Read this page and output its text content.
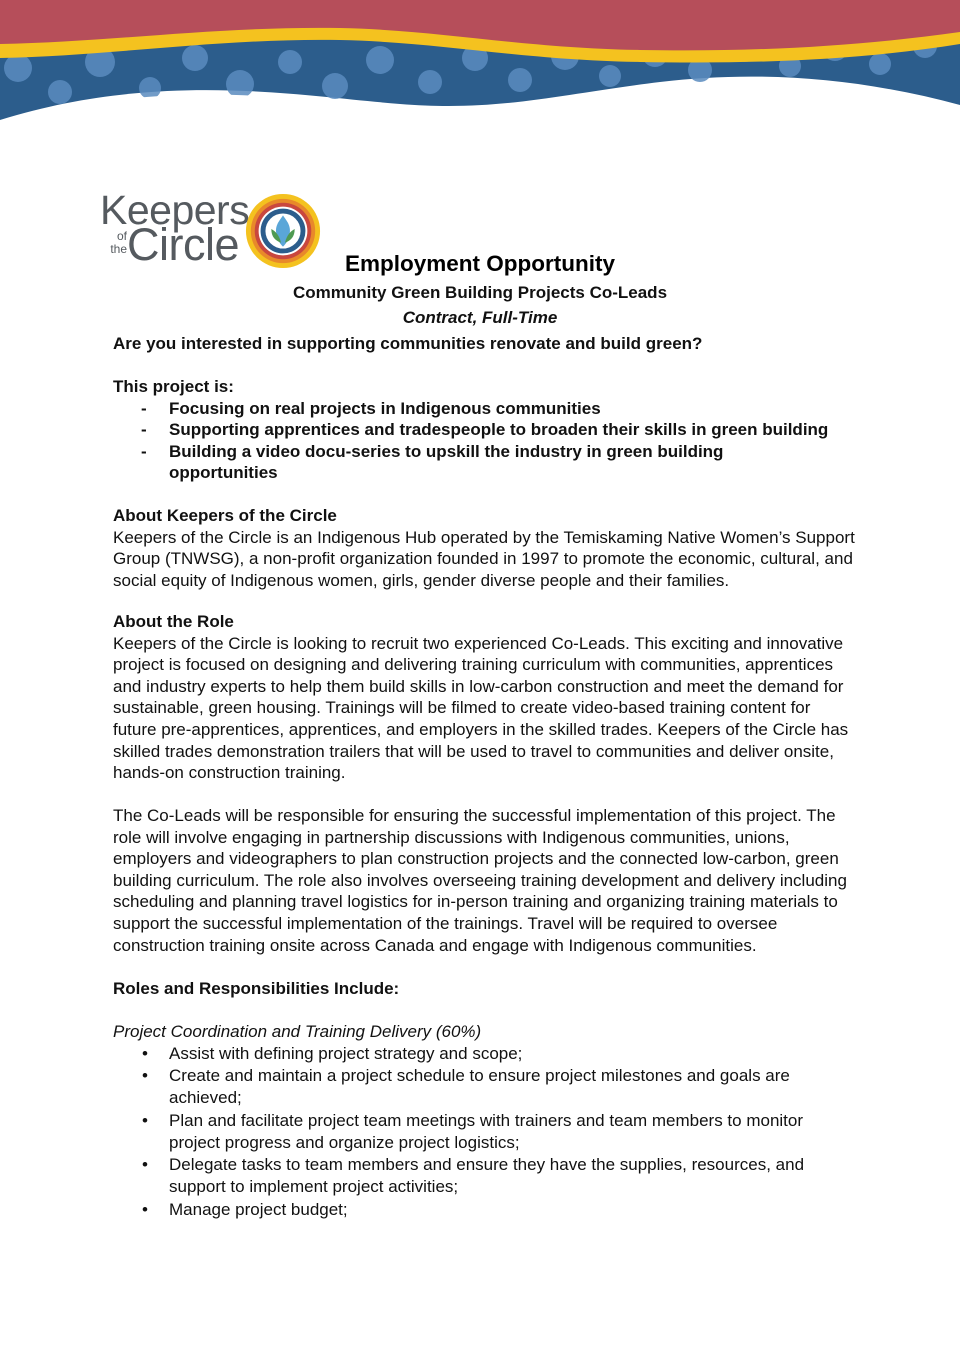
Keepers
of
the Circle	Employment Opportunity
Community Green Building Projects Co-Leads
Contract, Full-Time
Are you interested in supporting communities renovate and build green?

This project is:

- Focusing on real projects in Indigenous communities
- Supporting apprentices and tradespeople to broaden their skills in green building
- Building a video docu-series to upskill the industry in green building opportunities

About Keepers of the Circle

Keepers of the Circle is an Indigenous Hub operated by the Temiskaming Native Women’s Support Group (TNWSG), a non-profit organization founded in 1997 to promote the economic, cultural, and social equity of Indigenous women, girls, gender diverse people and their families.

About the Role

Keepers of the Circle is looking to recruit two experienced Co-Leads. This exciting and innovative project is focused on designing and delivering training curriculum with communities, apprentices and industry experts to help them build skills in low-carbon construction and meet the demand for sustainable, green housing. Trainings will be filmed to create video-based training content for future pre-apprentices, apprentices, and employers in the skilled trades. Keepers of the Circle has skilled trades demonstration trailers that will be used to travel to communities and deliver onsite, hands-on construction training.

The Co-Leads will be responsible for ensuring the successful implementation of this project. The role will involve engaging in partnership discussions with Indigenous communities, unions, employers and videographers to plan construction projects and the connected low-carbon, green building curriculum. The role also involves overseeing training development and delivery including scheduling and planning travel logistics for in-person training and organizing training materials to support the successful implementation of the trainings. Travel will be required to oversee construction training onsite across Canada and engage with Indigenous communities.
Roles and Responsibilities Include:

Project Coordination and Training Delivery (60%)

• Assist with defining project strategy and scope;
• Create and maintain a project schedule to ensure project milestones and goals are achieved;
• Plan and facilitate project team meetings with trainers and team members to monitor project progress and organize project logistics;
• Delegate tasks to team members and ensure they have the supplies, resources, and support to implement project activities;
• Manage project budget;
